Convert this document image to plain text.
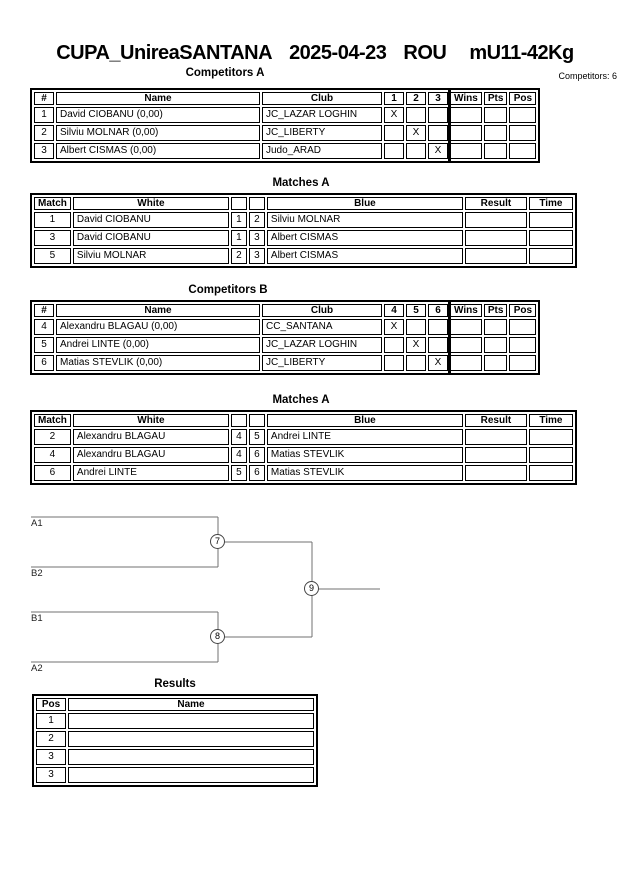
CUPA_UnireaSANTANA 2025-04-23 ROU mU11-42Kg
Competitors A	Competitors: 6
#	Name	Club	1	2	3	Wins	Pts	Pos
1	David CIOBANU (0,00)	JC_LAZAR LOGHIN	X					
2	Silviu MOLNAR (0,00)	JC_LIBERTY		X				
3	Albert CISMAS (0,00)	Judo_ARAD			X			
Matches A
Match	White			Blue	Result	Time
1	David CIOBANU	1	2	Silviu MOLNAR		
3	David CIOBANU	1	3	Albert CISMAS		
5	Silviu MOLNAR	2	3	Albert CISMAS		
Competitors B
#	Name	Club	4	5	6	Wins	Pts	Pos
4	Alexandru BLAGAU (0,00)	CC_SANTANA	X					
5	Andrei LINTE (0,00)	JC_LAZAR LOGHIN		X				
6	Matias STEVLIK (0,00)	JC_LIBERTY			X			
Matches A
Match	White			Blue	Result	Time
2	Alexandru BLAGAU	4	5	Andrei LINTE		
4	Alexandru BLAGAU	4	6	Matias STEVLIK		
6	Andrei LINTE	5	6	Matias STEVLIK		
A1
B2
B1
A2
7
8
9
Results
Pos	Name
1	
2	
3	
3	
